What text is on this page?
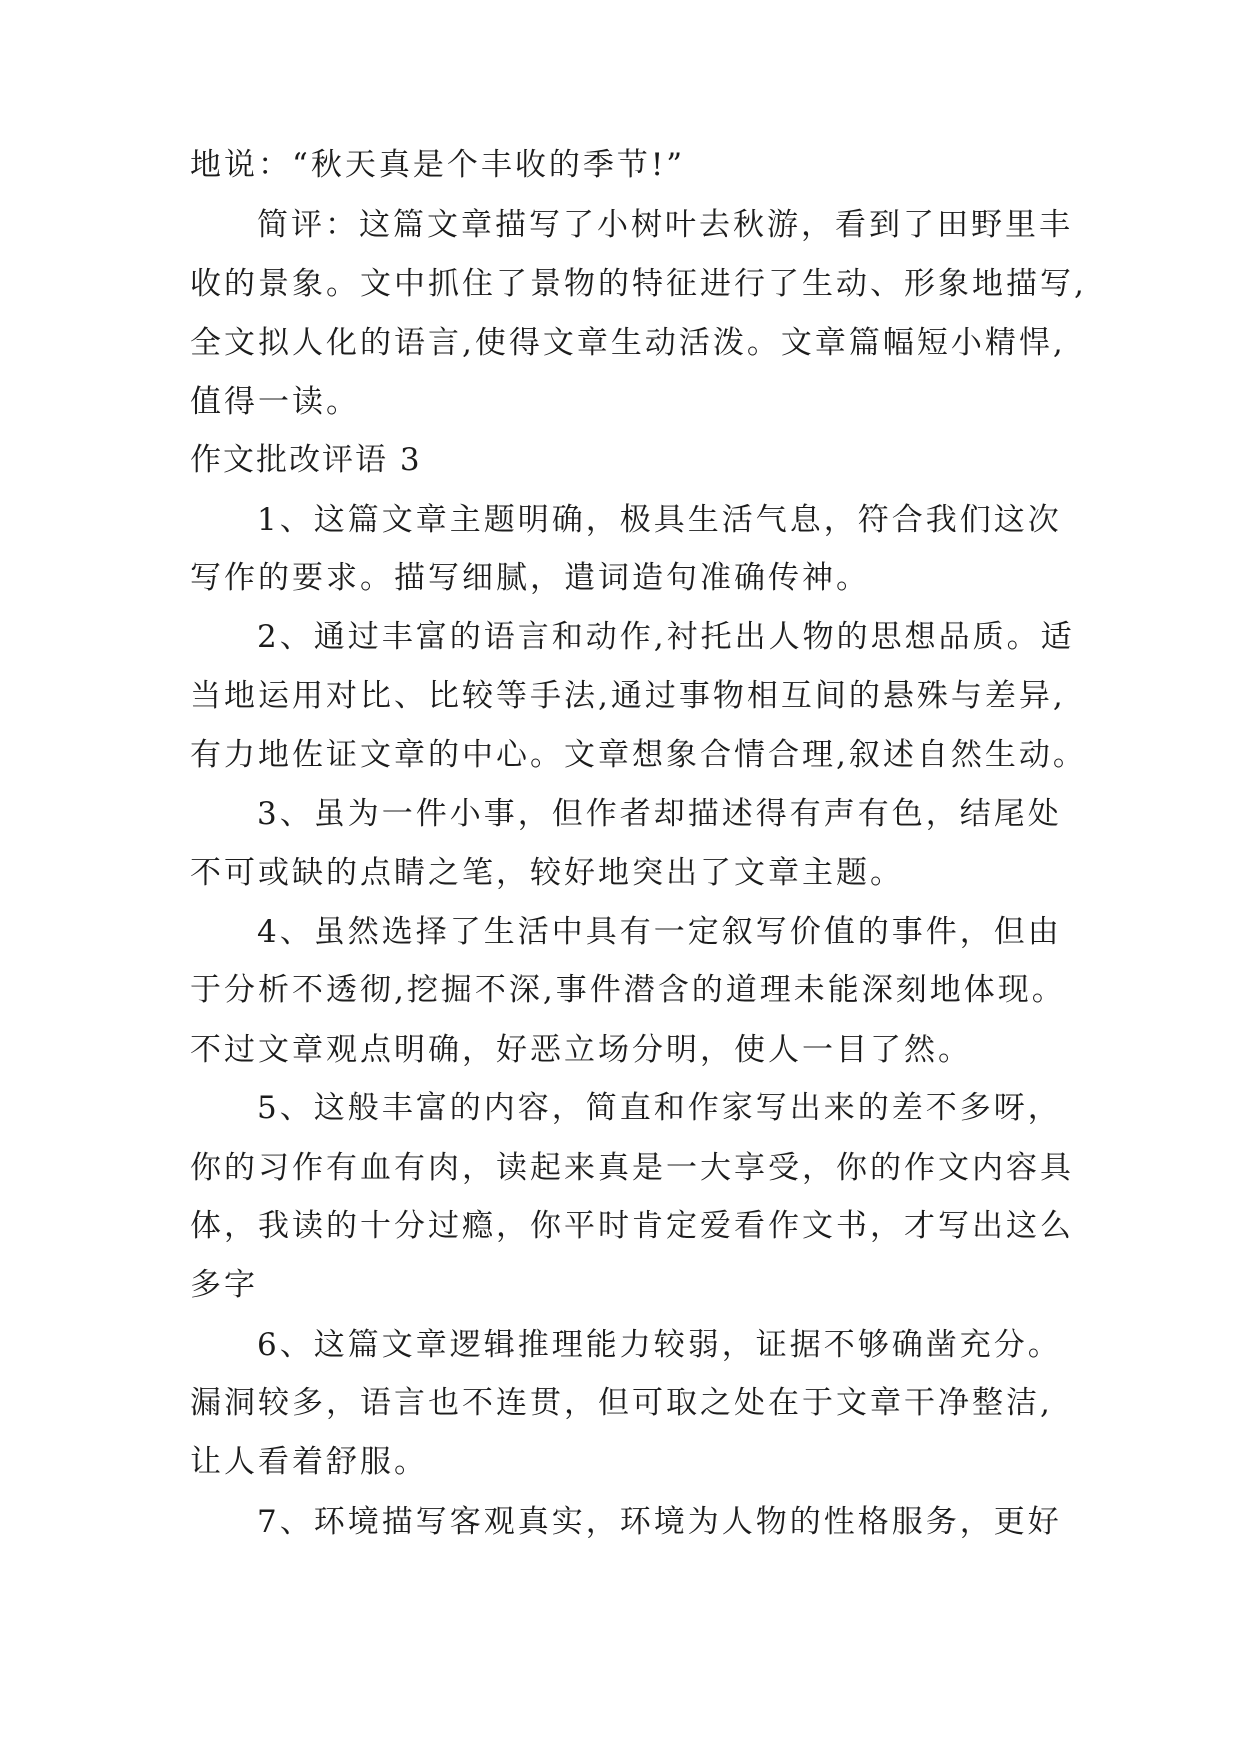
地说：“秋天真是个丰收的季节!”

简评：这篇文章描写了小树叶去秋游，看到了田野里丰

收的景象。文中抓住了景物的特征进行了生动、形象地描写,

全文拟人化的语言,使得文章生动活泼。文章篇幅短小精悍,

值得一读。

作文批改评语 3

1、这篇文章主题明确，极具生活气息，符合我们这次

写作的要求。描写细腻，遣词造句准确传神。

2、通过丰富的语言和动作,衬托出人物的思想品质。适

当地运用对比、比较等手法,通过事物相互间的悬殊与差异,

有力地佐证文章的中心。文章想象合情合理,叙述自然生动。

3、虽为一件小事，但作者却描述得有声有色，结尾处

不可或缺的点睛之笔，较好地突出了文章主题。

4、虽然选择了生活中具有一定叙写价值的事件，但由

于分析不透彻,挖掘不深,事件潜含的道理未能深刻地体现。

不过文章观点明确，好恶立场分明，使人一目了然。

5、这般丰富的内容，简直和作家写出来的差不多呀，

你的习作有血有肉，读起来真是一大享受，你的作文内容具

体，我读的十分过瘾，你平时肯定爱看作文书，才写出这么

多字

6、这篇文章逻辑推理能力较弱，证据不够确凿充分。

漏洞较多，语言也不连贯，但可取之处在于文章干净整洁,

让人看着舒服。

7、环境描写客观真实，环境为人物的性格服务，更好
